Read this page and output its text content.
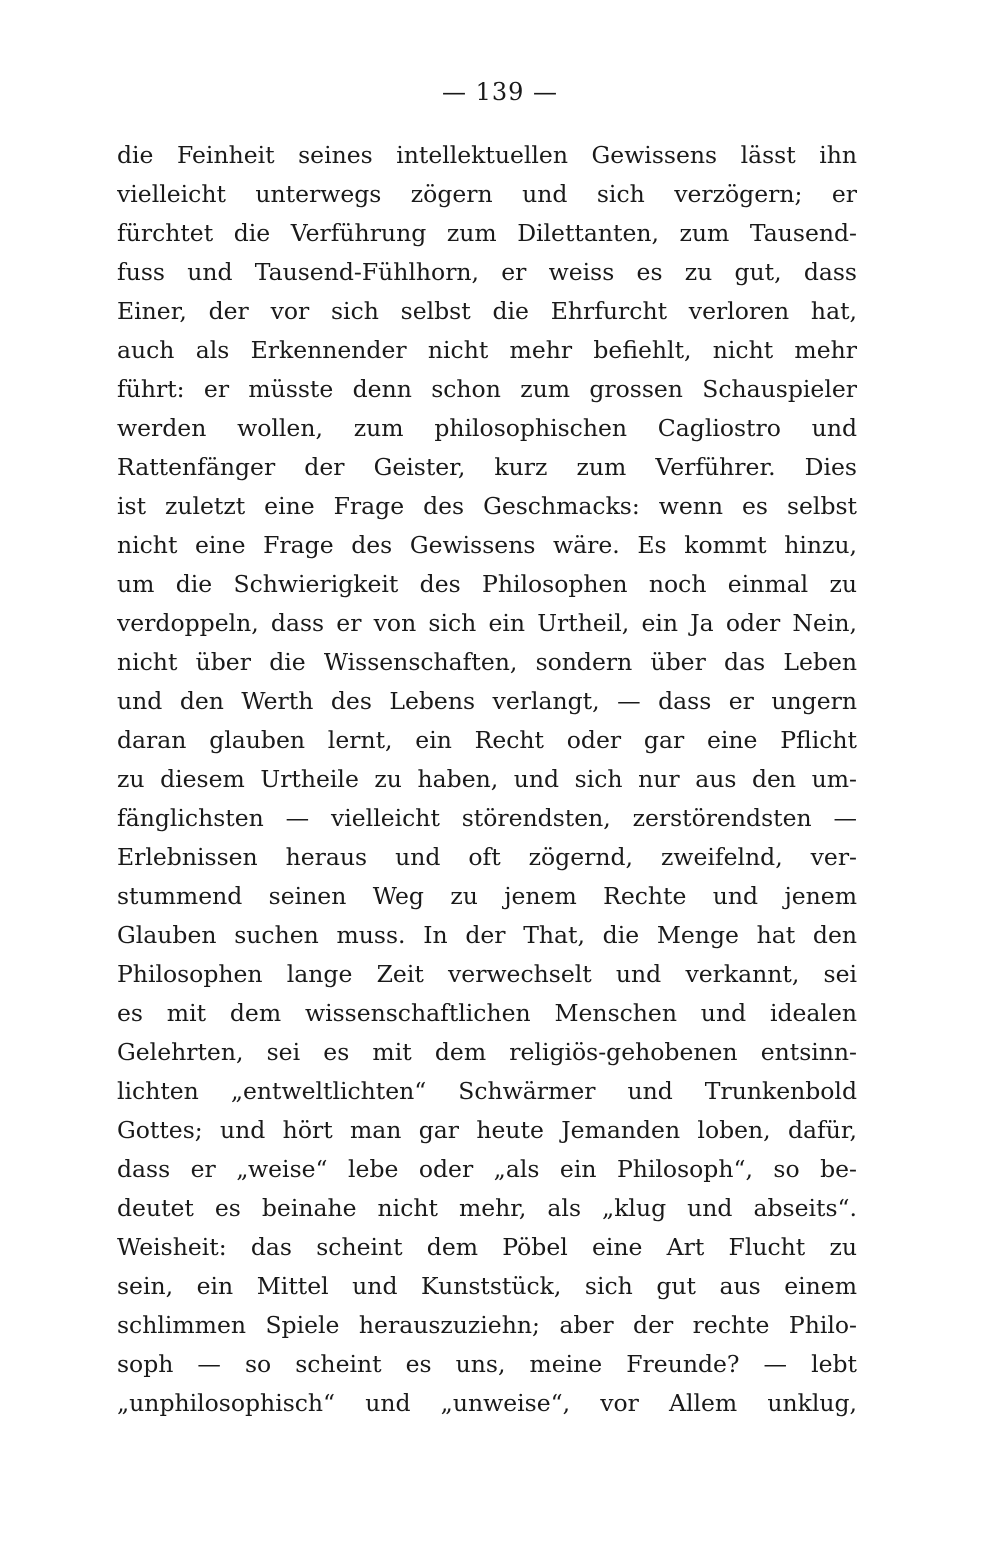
— 139 —
die Feinheit seines intellektuellen Gewissens lässt ihn
vielleicht unterwegs zögern und sich verzögern; er
fürchtet die Verführung zum Dilettanten, zum Tausend-
fuss und Tausend-Fühlhorn, er weiss es zu gut, dass
Einer, der vor sich selbst die Ehrfurcht verloren hat,
auch als Erkennender nicht mehr befiehlt, nicht mehr
führt: er müsste denn schon zum grossen Schauspieler
werden wollen, zum philosophischen Cagliostro und
Rattenfänger der Geister, kurz zum Verführer. Dies
ist zuletzt eine Frage des Geschmacks: wenn es selbst
nicht eine Frage des Gewissens wäre. Es kommt hinzu,
um die Schwierigkeit des Philosophen noch einmal zu
verdoppeln, dass er von sich ein Urtheil, ein Ja oder Nein,
nicht über die Wissenschaften, sondern über das Leben
und den Werth des Lebens verlangt, — dass er ungern
daran glauben lernt, ein Recht oder gar eine Pflicht
zu diesem Urtheile zu haben, und sich nur aus den um-
fänglichsten — vielleicht störendsten, zerstörendsten —
Erlebnissen heraus und oft zögernd, zweifelnd, ver-
stummend seinen Weg zu jenem Rechte und jenem
Glauben suchen muss. In der That, die Menge hat den
Philosophen lange Zeit verwechselt und verkannt, sei
es mit dem wissenschaftlichen Menschen und idealen
Gelehrten, sei es mit dem religiös-gehobenen entsinn-
lichten „entweltlichten“ Schwärmer und Trunkenbold
Gottes; und hört man gar heute Jemanden loben, dafür,
dass er „weise“ lebe oder „als ein Philosoph“, so be-
deutet es beinahe nicht mehr, als „klug und abseits“.
Weisheit: das scheint dem Pöbel eine Art Flucht zu
sein, ein Mittel und Kunststück, sich gut aus einem
schlimmen Spiele herauszuziehn; aber der rechte Philo-
soph — so scheint es uns, meine Freunde? — lebt
„unphilosophisch“ und „unweise“, vor Allem unklug,
